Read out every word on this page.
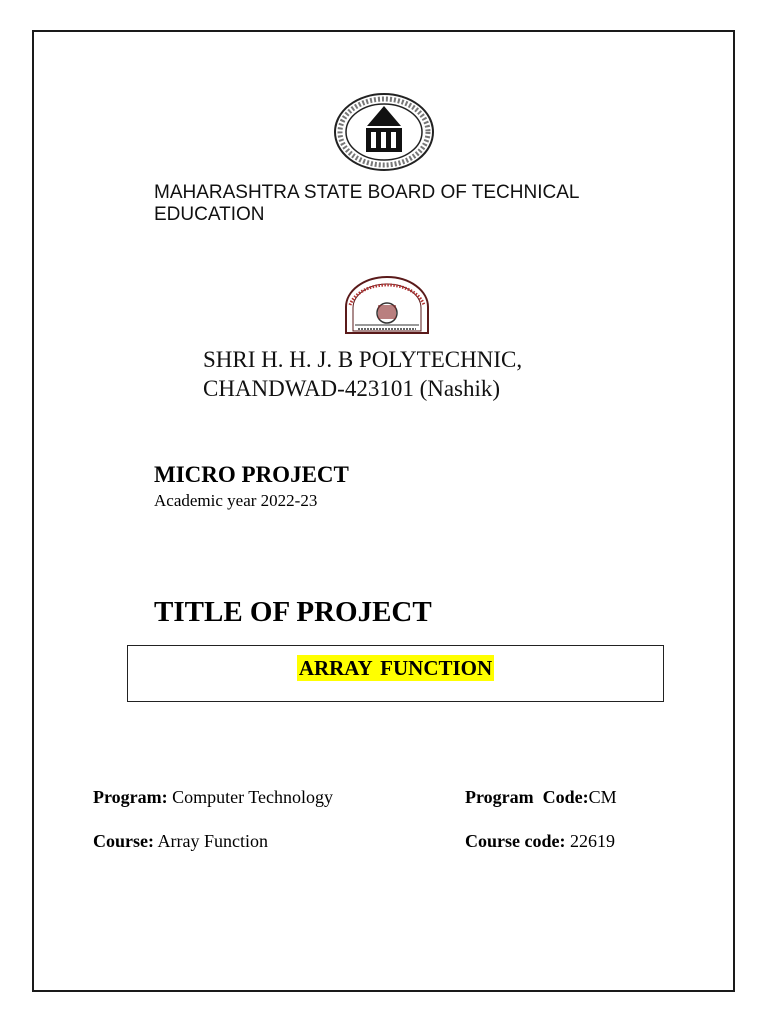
MAHARASHTRA STATE BOARD OF TECHNICAL EDUCATION
SHRI H. H. J. B POLYTECHNIC,
CHANDWAD-423101 (Nashik)
MICRO PROJECT
Academic year 2022-23
TITLE OF PROJECT
ARRAY FUNCTION
Program: Computer Technology	Program  Code:CM
Course: Array Function	Course code: 22619
